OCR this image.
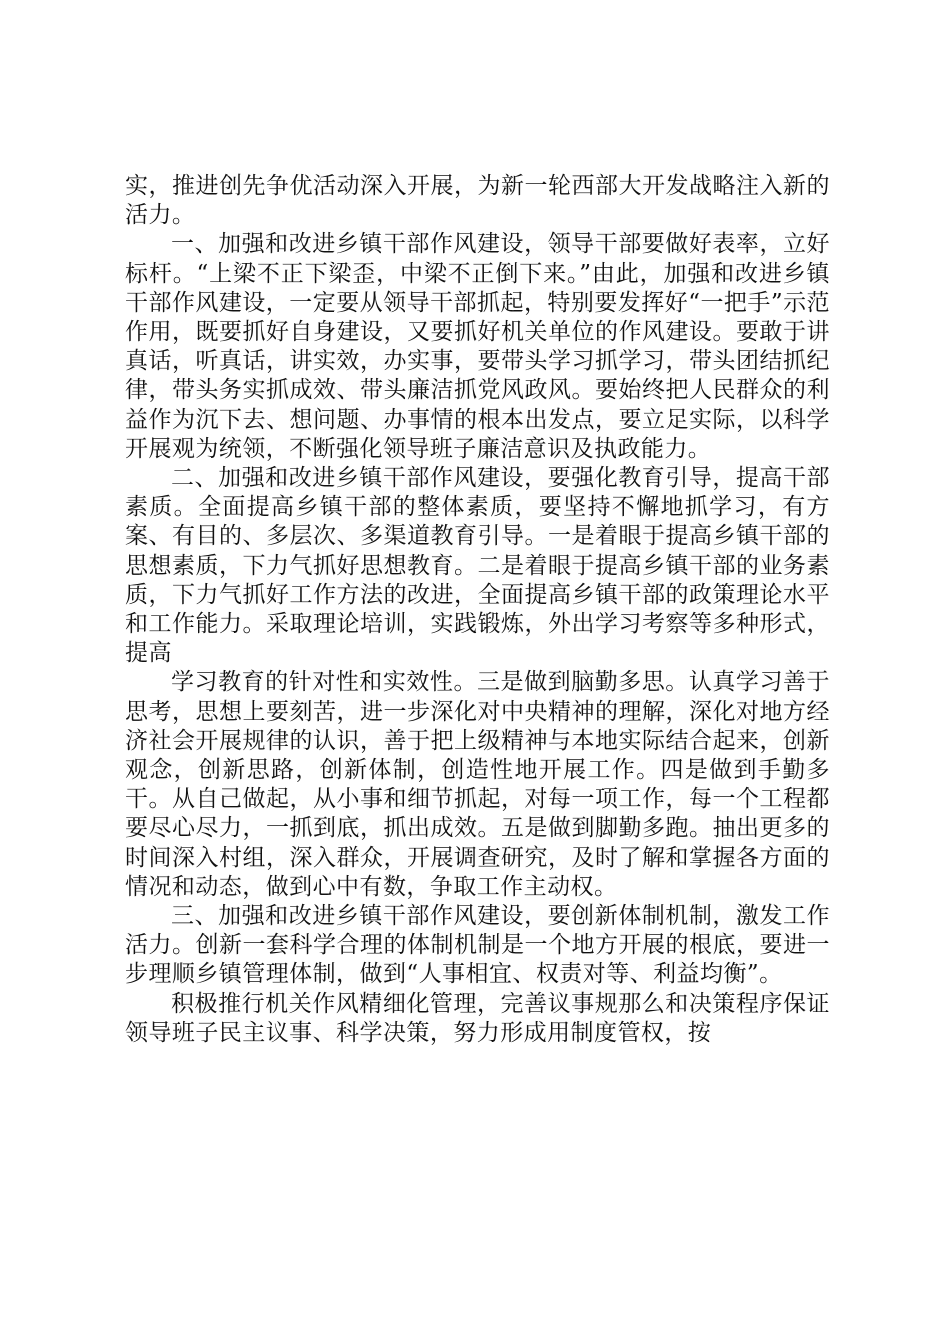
实，推进创先争优活动深入开展，为新一轮西部大开发战略注入新的活力。

一、加强和改进乡镇干部作风建设，领导干部要做好表率，立好标杆。“上梁不正下梁歪，中梁不正倒下来。”由此，加强和改进乡镇干部作风建设，一定要从领导干部抓起，特别要发挥好“一把手”示范作用，既要抓好自身建设，又要抓好机关单位的作风建设。要敢于讲真话，听真话，讲实效，办实事，要带头学习抓学习，带头团结抓纪律，带头务实抓成效、带头廉洁抓党风政风。要始终把人民群众的利益作为沉下去、想问题、办事情的根本出发点，要立足实际，以科学开展观为统领，不断强化领导班子廉洁意识及执政能力。

二、加强和改进乡镇干部作风建设，要强化教育引导，提高干部素质。全面提高乡镇干部的整体素质，要坚持不懈地抓学习，有方案、有目的、多层次、多渠道教育引导。一是着眼于提高乡镇干部的思想素质，下力气抓好思想教育。二是着眼于提高乡镇干部的业务素质，下力气抓好工作方法的改进，全面提高乡镇干部的政策理论水平和工作能力。采取理论培训，实践锻炼，外出学习考察等多种形式，提高

学习教育的针对性和实效性。三是做到脑勤多思。认真学习善于思考，思想上要刻苦，进一步深化对中央精神的理解，深化对地方经济社会开展规律的认识，善于把上级精神与本地实际结合起来，创新观念，创新思路，创新体制，创造性地开展工作。四是做到手勤多干。从自己做起，从小事和细节抓起，对每一项工作，每一个工程都要尽心尽力，一抓到底，抓出成效。五是做到脚勤多跑。抽出更多的时间深入村组，深入群众，开展调查研究，及时了解和掌握各方面的情况和动态，做到心中有数，争取工作主动权。

三、加强和改进乡镇干部作风建设，要创新体制机制，激发工作活力。创新一套科学合理的体制机制是一个地方开展的根底，要进一步理顺乡镇管理体制，做到“人事相宜、权责对等、利益均衡”。

积极推行机关作风精细化管理，完善议事规那么和决策程序保证领导班子民主议事、科学决策，努力形成用制度管权，按
